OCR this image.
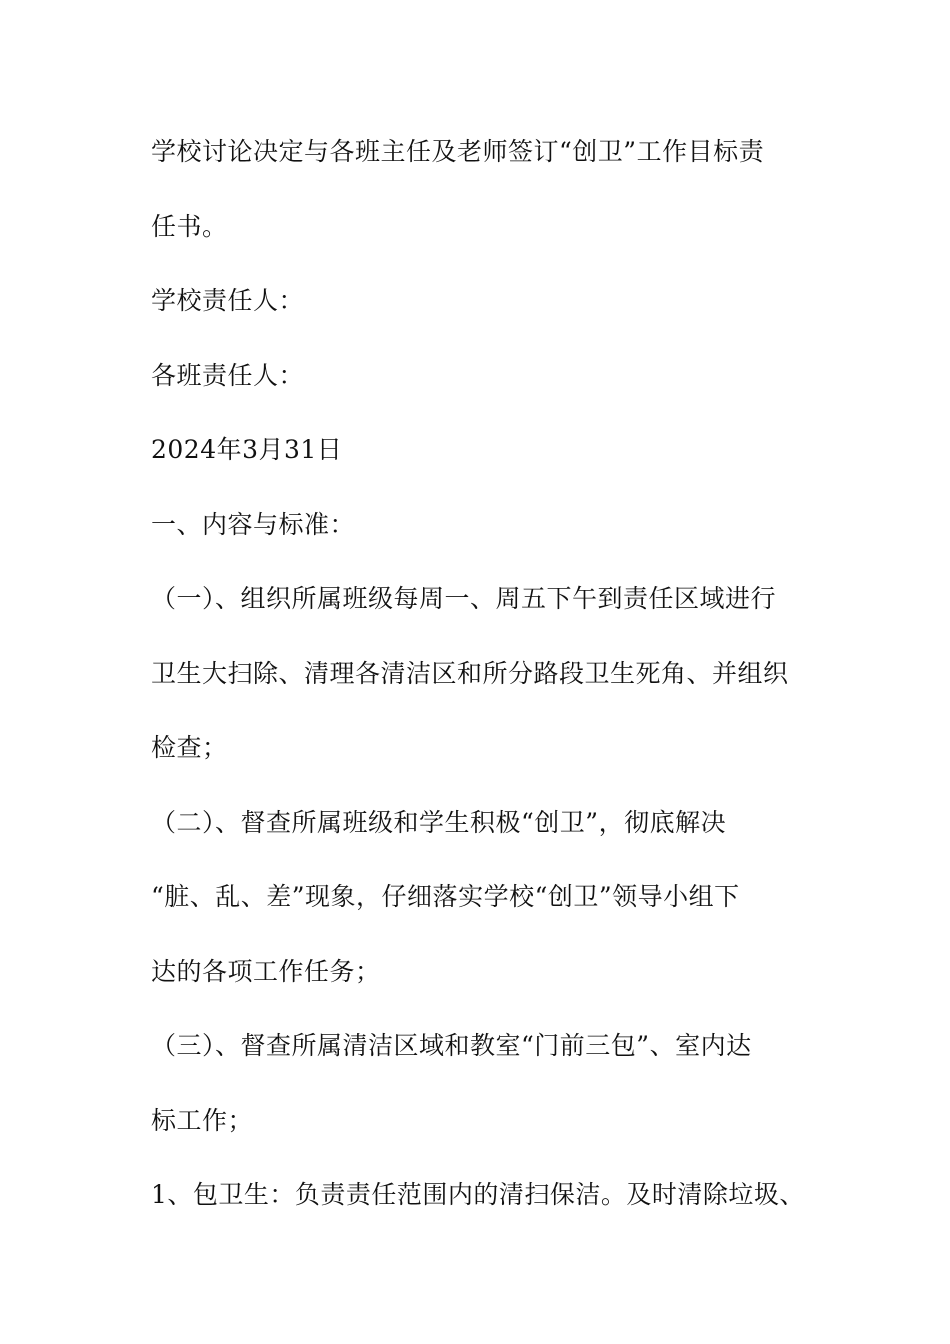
学校讨论决定与各班主任及老师签订“创卫”工作目标责
任书。
学校责任人：
各班责任人：
2024年3月31日
一、内容与标准：
（一）、组织所属班级每周一、周五下午到责任区域进行
卫生大扫除、清理各清洁区和所分路段卫生死角、并组织
检查；
（二）、督查所属班级和学生积极“创卫”，彻底解决
“脏、乱、差”现象，仔细落实学校“创卫”领导小组下
达的各项工作任务；
（三）、督查所属清洁区域和教室“门前三包”、室内达
标工作；
1、包卫生：负责责任范围内的清扫保洁。及时清除垃圾、
